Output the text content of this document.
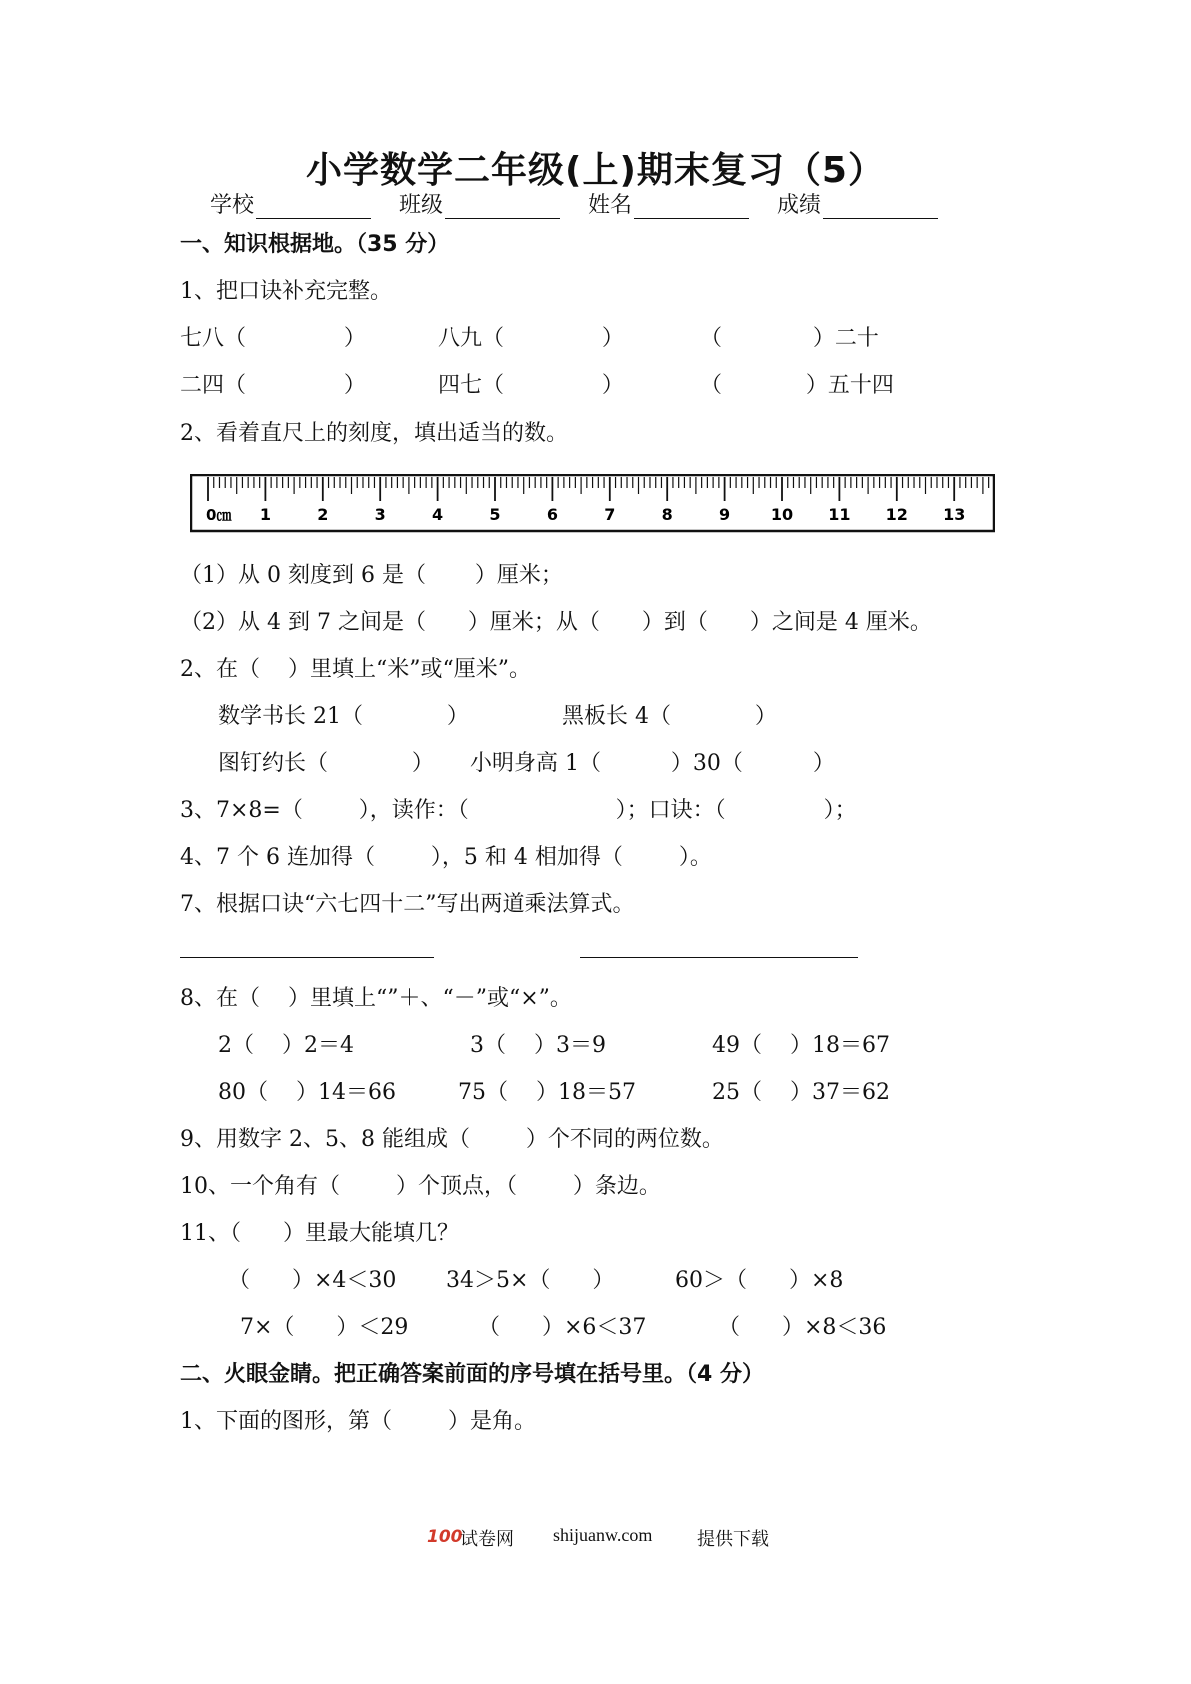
小学数学二年级(上)期末复习（5）
学校	班级	姓名	成绩
一、知识根据地。（35 分）
1、把口诀补充完整。
七八（              ）	八九（              ）	（             ）二十
二四（              ）	四七（              ）	（            ）五十四
2、看着直尺上的刻度，填出适当的数。
0㎝ 1	2	3	4	5	6	7	8	9	10 11 12 13
（1）从 0 刻度到 6 是（       ）厘米；
（2）从 4 到 7 之间是（      ）厘米；从（      ）到（      ）之间是 4 厘米。
2、在（    ）里填上“米”或“厘米”。
数学书长 21（            ）	黑板长 4（            ）
图钉约长（            ） 小明身高 1（          ）30（          ）
3、7×8=（        ），读作：（                     ）；口诀：（              ）；
4、7 个 6 连加得（        ），5 和 4 相加得（        ）。
7、根据口诀“六七四十二”写出两道乘法算式。
8、在（    ）里填上“”＋、“－”或“×”。
2（    ）2＝4	3（    ）3＝9	49（    ）18＝67
80（    ）14＝66	75（    ）18＝57	25（    ）37＝62
9、用数字 2、5、8 能组成（        ）个不同的两位数。
10、一个角有（        ）个顶点，（        ）条边。
11、（      ）里最大能填几？
（      ）×4＜30 34＞5×（      ）	60＞（      ）×8
7×（      ）＜29	（      ）×6＜37	（      ）×8＜36
二、火眼金睛。把正确答案前面的序号填在括号里。（4 分）
1、下面的图形，第（        ）是角。
100
试卷网 shijuanw.com 提供下载
